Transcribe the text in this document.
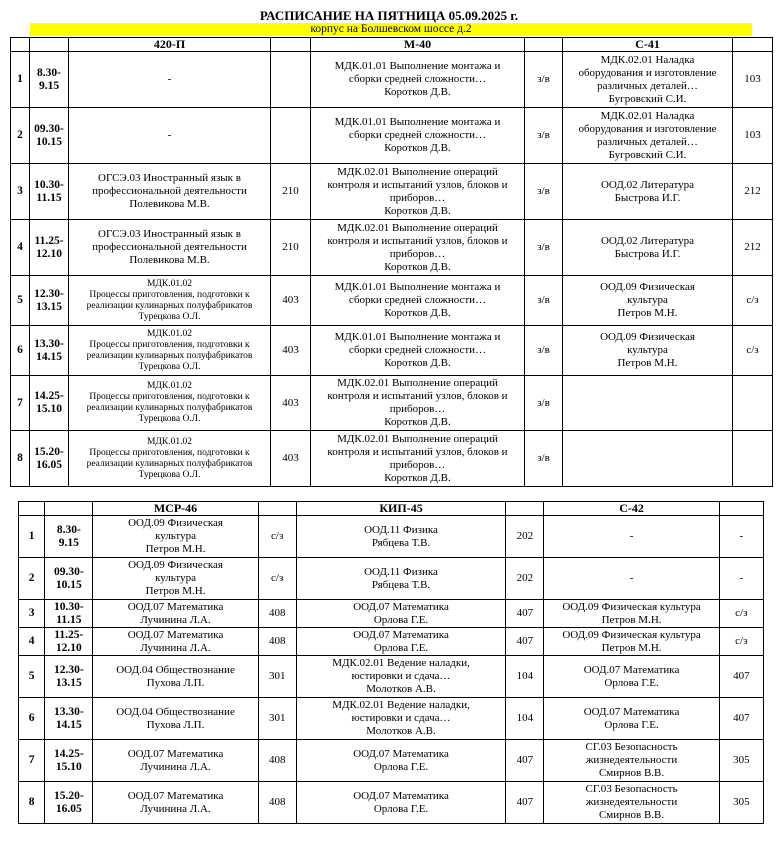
РАСПИСАНИЕ НА ПЯТНИЦА 05.09.2025 г.
корпус на Болшевском шоссе д.2
		420-П		М-40		С-41	
1	8.30-
9.15	-		МДК.01.01 Выполнение монтажа и
сборки средней сложности…
Коротков Д.В.	з/в	МДК.02.01 Наладка
оборудования и изготовление
различных деталей…
Бугровский С.И.	103
2	09.30-
10.15	-		МДК.01.01 Выполнение монтажа и
сборки средней сложности…
Коротков Д.В.	з/в	МДК.02.01 Наладка
оборудования и изготовление
различных деталей…
Бугровский С.И.	103
3	10.30-
11.15	ОГСЭ.03 Иностранный язык в
профессиональной деятельности
Полевикова М.В.	210	МДК.02.01 Выполнение операций
контроля и испытаний узлов, блоков и
приборов…
Коротков Д.В.	з/в	ООД.02 Литература
Быстрова И.Г.	212
4	11.25-
12.10	ОГСЭ.03 Иностранный язык в
профессиональной деятельности
Полевикова М.В.	210	МДК.02.01 Выполнение операций
контроля и испытаний узлов, блоков и
приборов…
Коротков Д.В.	з/в	ООД.02 Литература
Быстрова И.Г.	212
5	12.30-
13.15	МДК.01.02
Процессы приготовления, подготовки к
реализации кулинарных полуфабрикатов
Турецкова О.Л.	403	МДК.01.01 Выполнение монтажа и
сборки средней сложности…
Коротков Д.В.	з/в	ООД.09 Физическая
культура
Петров М.Н.	с/з
6	13.30-
14.15	МДК.01.02
Процессы приготовления, подготовки к
реализации кулинарных полуфабрикатов
Турецкова О.Л.	403	МДК.01.01 Выполнение монтажа и
сборки средней сложности…
Коротков Д.В.	з/в	ООД.09 Физическая
культура
Петров М.Н.	с/з
7	14.25-
15.10	МДК.01.02
Процессы приготовления, подготовки к
реализации кулинарных полуфабрикатов
Турецкова О.Л.	403	МДК.02.01 Выполнение операций
контроля и испытаний узлов, блоков и
приборов…
Коротков Д.В.	з/в		
8	15.20-
16.05	МДК.01.02
Процессы приготовления, подготовки к
реализации кулинарных полуфабрикатов
Турецкова О.Л.	403	МДК.02.01 Выполнение операций
контроля и испытаний узлов, блоков и
приборов…
Коротков Д.В.	з/в		
		МСР-46		КИП-45		С-42	
1	8.30-
9.15	ООД.09 Физическая
культура
Петров М.Н.	с/з	ООД.11 Физика
Рябцева Т.В.	202	-	-
2	09.30-
10.15	ООД.09 Физическая
культура
Петров М.Н.	с/з	ООД.11 Физика
Рябцева Т.В.	202	-	-
3	10.30-
11.15	ООД.07 Математика
Лучинина Л.А.	408	ООД.07 Математика
Орлова Г.Е.	407	ООД.09 Физическая культура
Петров М.Н.	с/з
4	11.25-
12.10	ООД.07 Математика
Лучинина Л.А.	408	ООД.07 Математика
Орлова Г.Е.	407	ООД.09 Физическая культура
Петров М.Н.	с/з
5	12.30-
13.15	ООД.04 Обществознание
Пухова Л.П.	301	МДК.02.01 Ведение наладки,
юстировки и сдача…
Молотков А.В.	104	ООД.07 Математика
Орлова Г.Е.	407
6	13.30-
14.15	ООД.04 Обществознание
Пухова Л.П.	301	МДК.02.01 Ведение наладки,
юстировки и сдача…
Молотков А.В.	104	ООД.07 Математика
Орлова Г.Е.	407
7	14.25-
15.10	ООД.07 Математика
Лучинина Л.А.	408	ООД.07 Математика
Орлова Г.Е.	407	СГ.03 Безопасность
жизнедеятельности
Смирнов В.В.	305
8	15.20-
16.05	ООД.07 Математика
Лучинина Л.А.	408	ООД.07 Математика
Орлова Г.Е.	407	СГ.03 Безопасность
жизнедеятельности
Смирнов В.В.	305
